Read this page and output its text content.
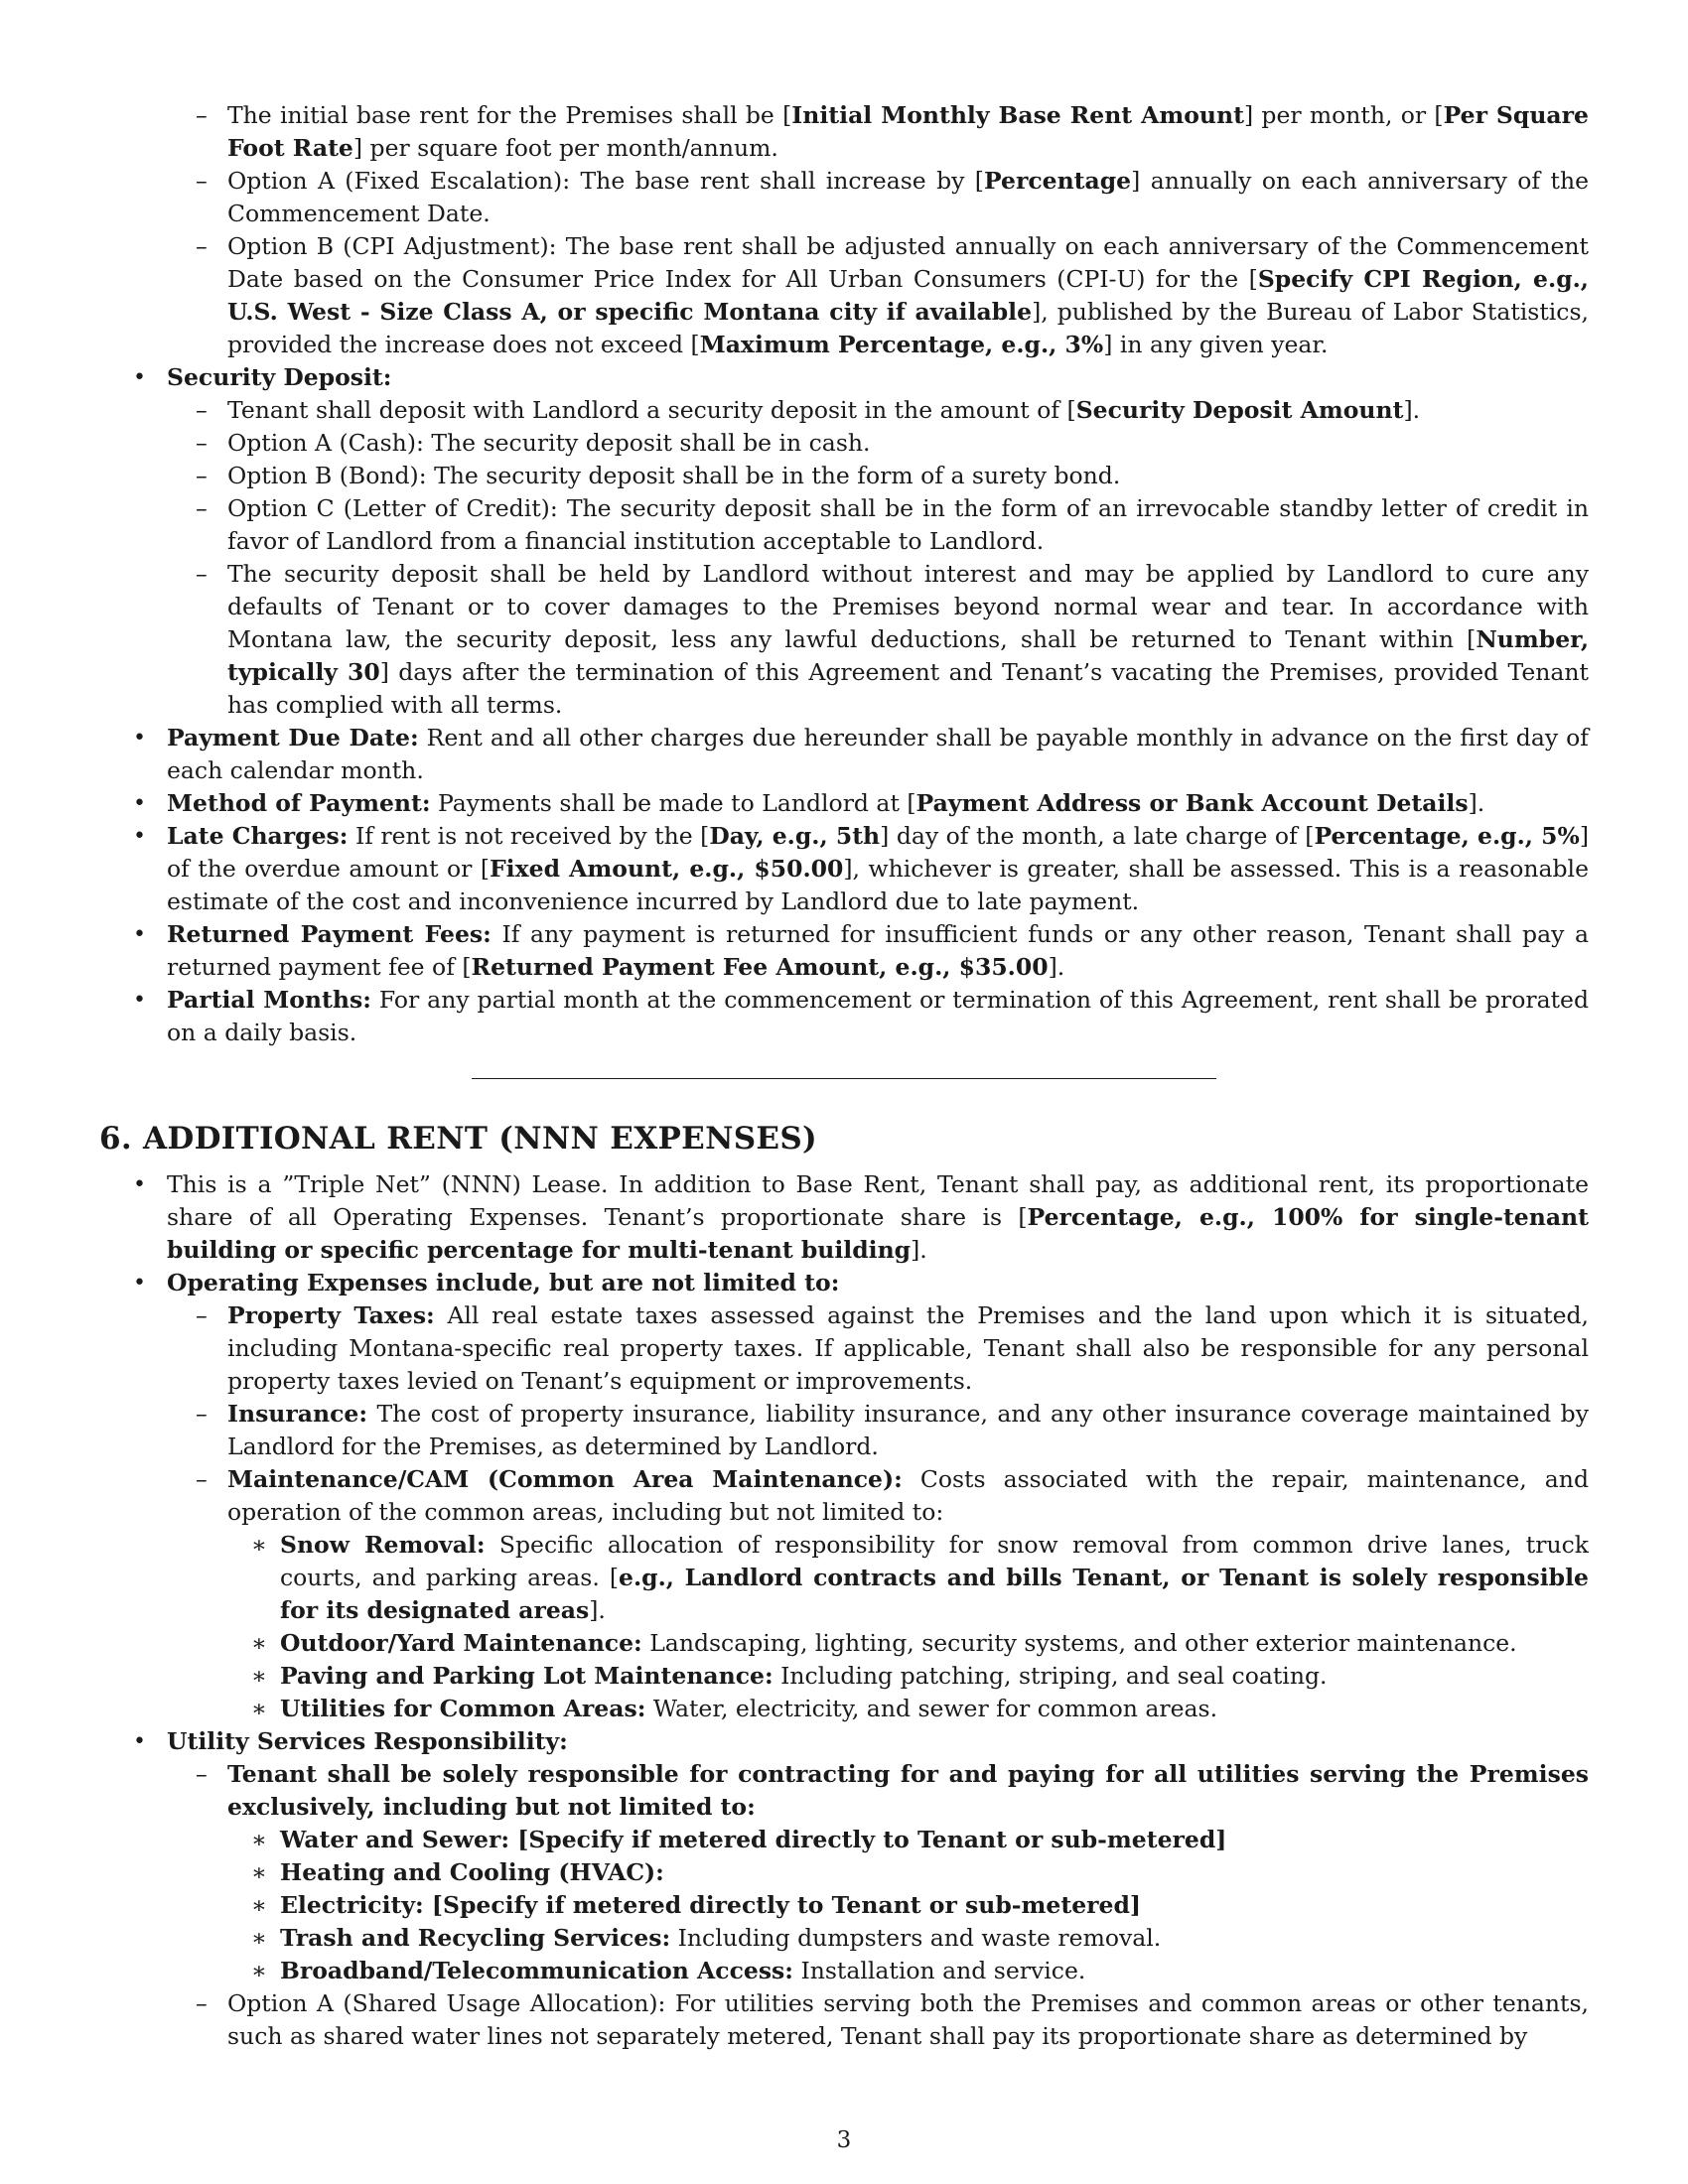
– The initial base rent for the Premises shall be [Initial Monthly Base Rent Amount] per month, or [Per Square Foot Rate] per square foot per month/annum.
– Option A (Fixed Escalation): The base rent shall increase by [Percentage] annually on each anniversary of the Commencement Date.
– Option B (CPI Adjustment): The base rent shall be adjusted annually on each anniversary of the Commencement Date based on the Consumer Price Index for All Urban Consumers (CPI-U) for the [Specify CPI Region, e.g., U.S. West - Size Class A, or specific Montana city if available], published by the Bureau of Labor Statistics, provided the increase does not exceed [Maximum Percentage, e.g., 3%] in any given year.
• Security Deposit:
– Tenant shall deposit with Landlord a security deposit in the amount of [Security Deposit Amount].
– Option A (Cash): The security deposit shall be in cash.
– Option B (Bond): The security deposit shall be in the form of a surety bond.
– Option C (Letter of Credit): The security deposit shall be in the form of an irrevocable standby letter of credit in favor of Landlord from a financial institution acceptable to Landlord.
– The security deposit shall be held by Landlord without interest and may be applied by Landlord to cure any defaults of Tenant or to cover damages to the Premises beyond normal wear and tear. In accordance with Montana law, the security deposit, less any lawful deductions, shall be returned to Tenant within [Number, typically 30] days after the termination of this Agreement and Tenant’s vacating the Premises, provided Tenant has complied with all terms.
• Payment Due Date: Rent and all other charges due hereunder shall be payable monthly in advance on the first day of each calendar month.
• Method of Payment: Payments shall be made to Landlord at [Payment Address or Bank Account Details].
• Late Charges: If rent is not received by the [Day, e.g., 5th] day of the month, a late charge of [Percentage, e.g., 5%] of the overdue amount or [Fixed Amount, e.g., $50.00], whichever is greater, shall be assessed. This is a reasonable estimate of the cost and inconvenience incurred by Landlord due to late payment.
• Returned Payment Fees: If any payment is returned for insufficient funds or any other reason, Tenant shall pay a returned payment fee of [Returned Payment Fee Amount, e.g., $35.00].
• Partial Months: For any partial month at the commencement or termination of this Agreement, rent shall be prorated on a daily basis.
6. ADDITIONAL RENT (NNN EXPENSES)
• This is a ”Triple Net” (NNN) Lease. In addition to Base Rent, Tenant shall pay, as additional rent, its proportionate share of all Operating Expenses. Tenant’s proportionate share is [Percentage, e.g., 100% for single-tenant building or specific percentage for multi-tenant building].
• Operating Expenses include, but are not limited to:
– Property Taxes: All real estate taxes assessed against the Premises and the land upon which it is situated, including Montana-specific real property taxes. If applicable, Tenant shall also be responsible for any personal property taxes levied on Tenant’s equipment or improvements.
– Insurance: The cost of property insurance, liability insurance, and any other insurance coverage maintained by Landlord for the Premises, as determined by Landlord.
– Maintenance/CAM (Common Area Maintenance): Costs associated with the repair, maintenance, and operation of the common areas, including but not limited to:
∗ Snow Removal: Specific allocation of responsibility for snow removal from common drive lanes, truck courts, and parking areas. [e.g., Landlord contracts and bills Tenant, or Tenant is solely responsible for its designated areas].
∗ Outdoor/Yard Maintenance: Landscaping, lighting, security systems, and other exterior maintenance.
∗ Paving and Parking Lot Maintenance: Including patching, striping, and seal coating.
∗ Utilities for Common Areas: Water, electricity, and sewer for common areas.
• Utility Services Responsibility:
– Tenant shall be solely responsible for contracting for and paying for all utilities serving the Premises exclusively, including but not limited to:
∗ Water and Sewer: [Specify if metered directly to Tenant or sub-metered]
∗ Heating and Cooling (HVAC):
∗ Electricity: [Specify if metered directly to Tenant or sub-metered]
∗ Trash and Recycling Services: Including dumpsters and waste removal.
∗ Broadband/Telecommunication Access: Installation and service.
– Option A (Shared Usage Allocation): For utilities serving both the Premises and common areas or other tenants, such as shared water lines not separately metered, Tenant shall pay its proportionate share as determined by
3
